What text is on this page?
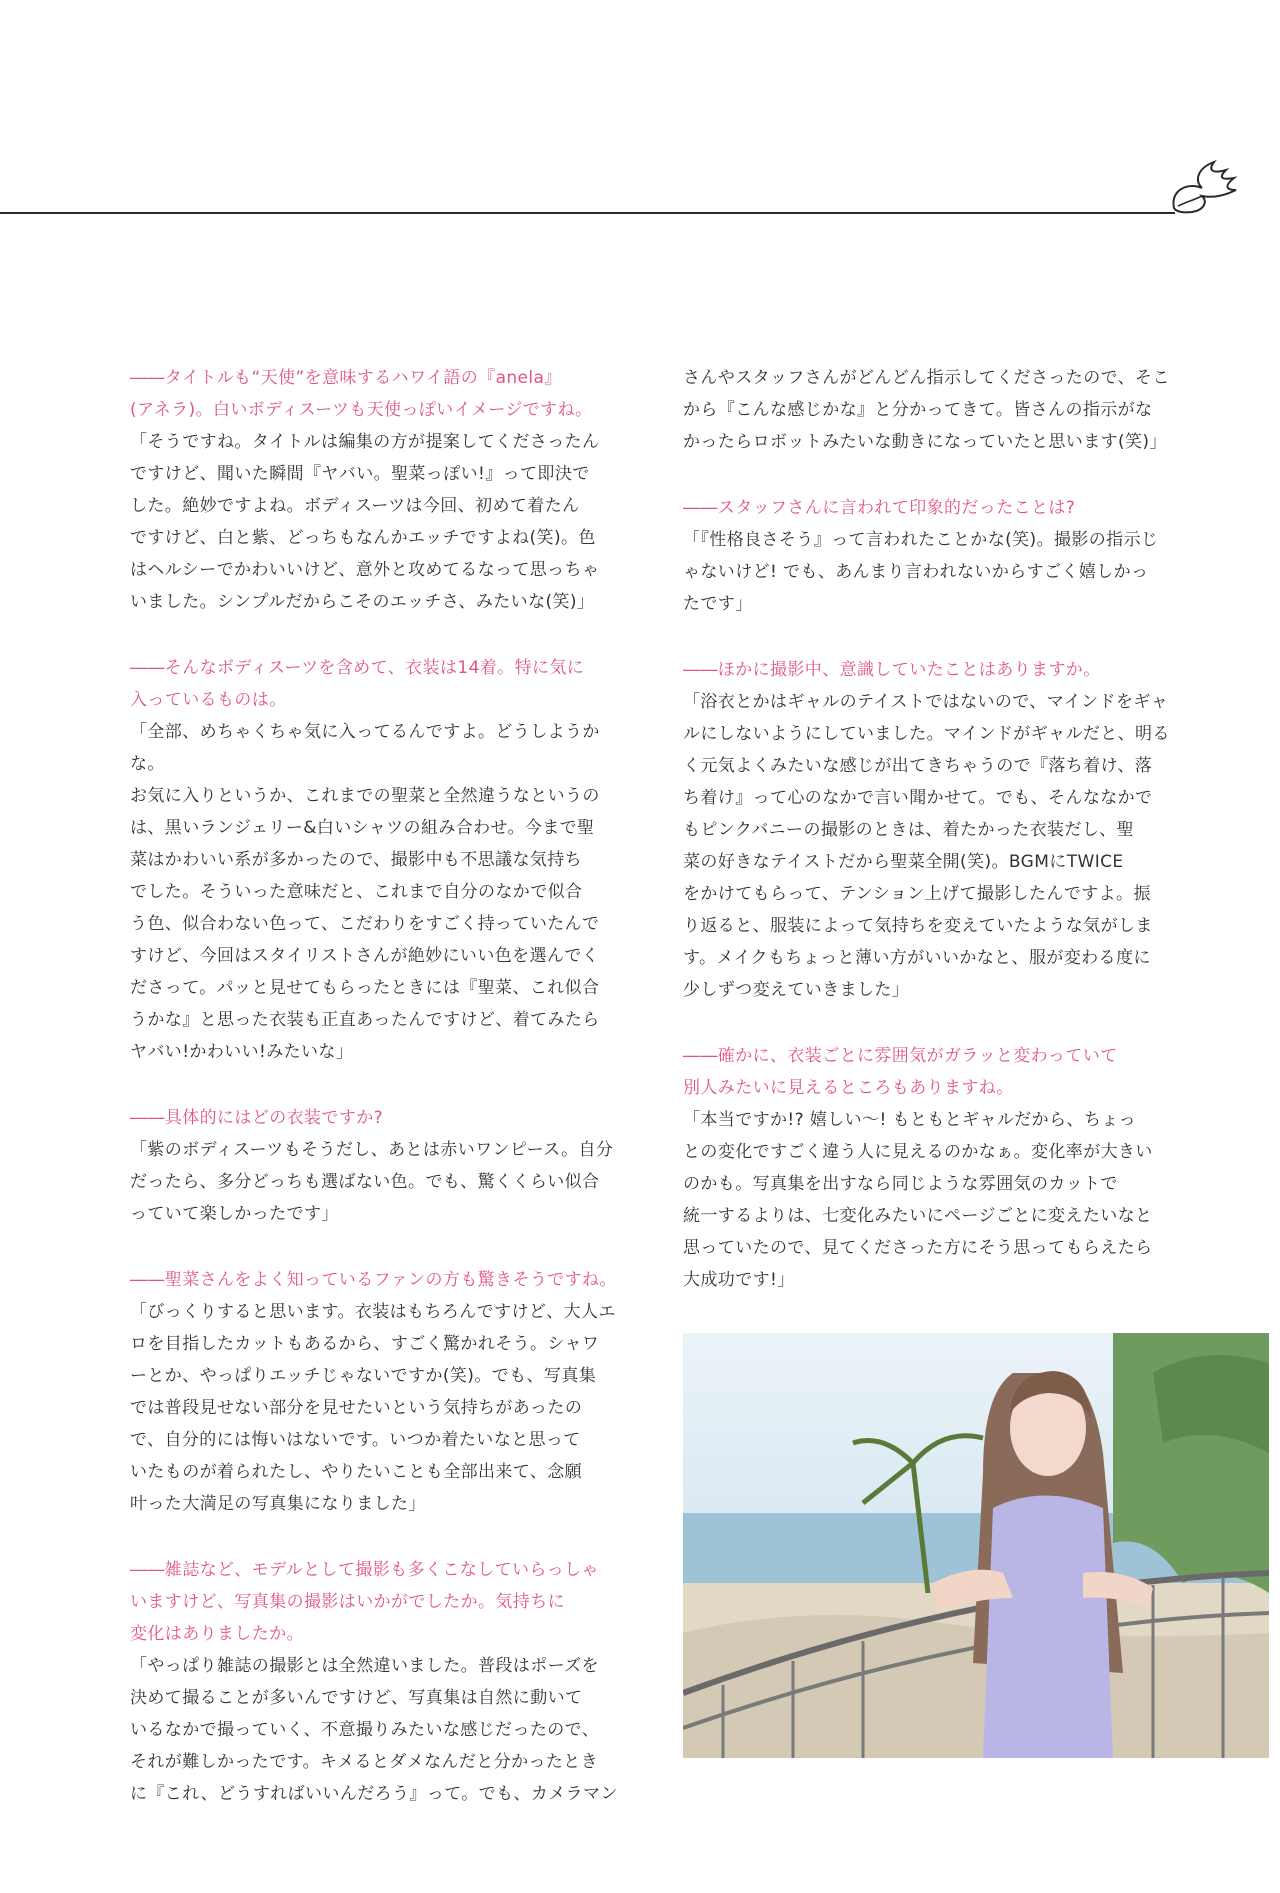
――タイトルも“天使”を意味するハワイ語の『anela』
(アネラ)。白いボディスーツも天使っぽいイメージですね。

「そうですね。タイトルは編集の方が提案してくださったん
ですけど、聞いた瞬間『ヤバい。聖菜っぽい!』って即決で
した。絶妙ですよね。ボディスーツは今回、初めて着たん
ですけど、白と紫、どっちもなんかエッチですよね(笑)。色
はヘルシーでかわいいけど、意外と攻めてるなって思っちゃ
いました。シンプルだからこそのエッチさ、みたいな(笑)」

――そんなボディスーツを含めて、衣装は14着。特に気に
入っているものは。

「全部、めちゃくちゃ気に入ってるんですよ。どうしようかな。
お気に入りというか、これまでの聖菜と全然違うなというの
は、黒いランジェリー&白いシャツの組み合わせ。今まで聖
菜はかわいい系が多かったので、撮影中も不思議な気持ち
でした。そういった意味だと、これまで自分のなかで似合
う色、似合わない色って、こだわりをすごく持っていたんで
すけど、今回はスタイリストさんが絶妙にいい色を選んでく
ださって。パッと見せてもらったときには『聖菜、これ似合
うかな』と思った衣装も正直あったんですけど、着てみたら
ヤバい!かわいい!みたいな」

――具体的にはどの衣装ですか?

「紫のボディスーツもそうだし、あとは赤いワンピース。自分
だったら、多分どっちも選ばない色。でも、驚くくらい似合
っていて楽しかったです」

――聖菜さんをよく知っているファンの方も驚きそうですね。

「びっくりすると思います。衣装はもちろんですけど、大人エ
ロを目指したカットもあるから、すごく驚かれそう。シャワ
ーとか、やっぱりエッチじゃないですか(笑)。でも、写真集
では普段見せない部分を見せたいという気持ちがあったの
で、自分的には悔いはないです。いつか着たいなと思って
いたものが着られたし、やりたいことも全部出来て、念願
叶った大満足の写真集になりました」

――雑誌など、モデルとして撮影も多くこなしていらっしゃ
いますけど、写真集の撮影はいかがでしたか。気持ちに
変化はありましたか。

「やっぱり雑誌の撮影とは全然違いました。普段はポーズを
決めて撮ることが多いんですけど、写真集は自然に動いて
いるなかで撮っていく、不意撮りみたいな感じだったので、
それが難しかったです。キメるとダメなんだと分かったとき
に『これ、どうすればいいんだろう』って。でも、カメラマン

さんやスタッフさんがどんどん指示してくださったので、そこ
から『こんな感じかな』と分かってきて。皆さんの指示がな
かったらロボットみたいな動きになっていたと思います(笑)」

――スタッフさんに言われて印象的だったことは?

「『性格良さそう』って言われたことかな(笑)。撮影の指示じ
ゃないけど! でも、あんまり言われないからすごく嬉しかっ
たです」

――ほかに撮影中、意識していたことはありますか。

「浴衣とかはギャルのテイストではないので、マインドをギャ
ルにしないようにしていました。マインドがギャルだと、明る
く元気よくみたいな感じが出てきちゃうので『落ち着け、落
ち着け』って心のなかで言い聞かせて。でも、そんななかで
もピンクバニーの撮影のときは、着たかった衣装だし、聖
菜の好きなテイストだから聖菜全開(笑)。BGMにTWICE
をかけてもらって、テンション上げて撮影したんですよ。振
り返ると、服装によって気持ちを変えていたような気がしま
す。メイクもちょっと薄い方がいいかなと、服が変わる度に
少しずつ変えていきました」

――確かに、衣装ごとに雰囲気がガラッと変わっていて
別人みたいに見えるところもありますね。

「本当ですか!? 嬉しい〜! もともとギャルだから、ちょっ
との変化ですごく違う人に見えるのかなぁ。変化率が大きい
のかも。写真集を出すなら同じような雰囲気のカットで
統一するよりは、七変化みたいにページごとに変えたいなと
思っていたので、見てくださった方にそう思ってもらえたら
大成功です!」
